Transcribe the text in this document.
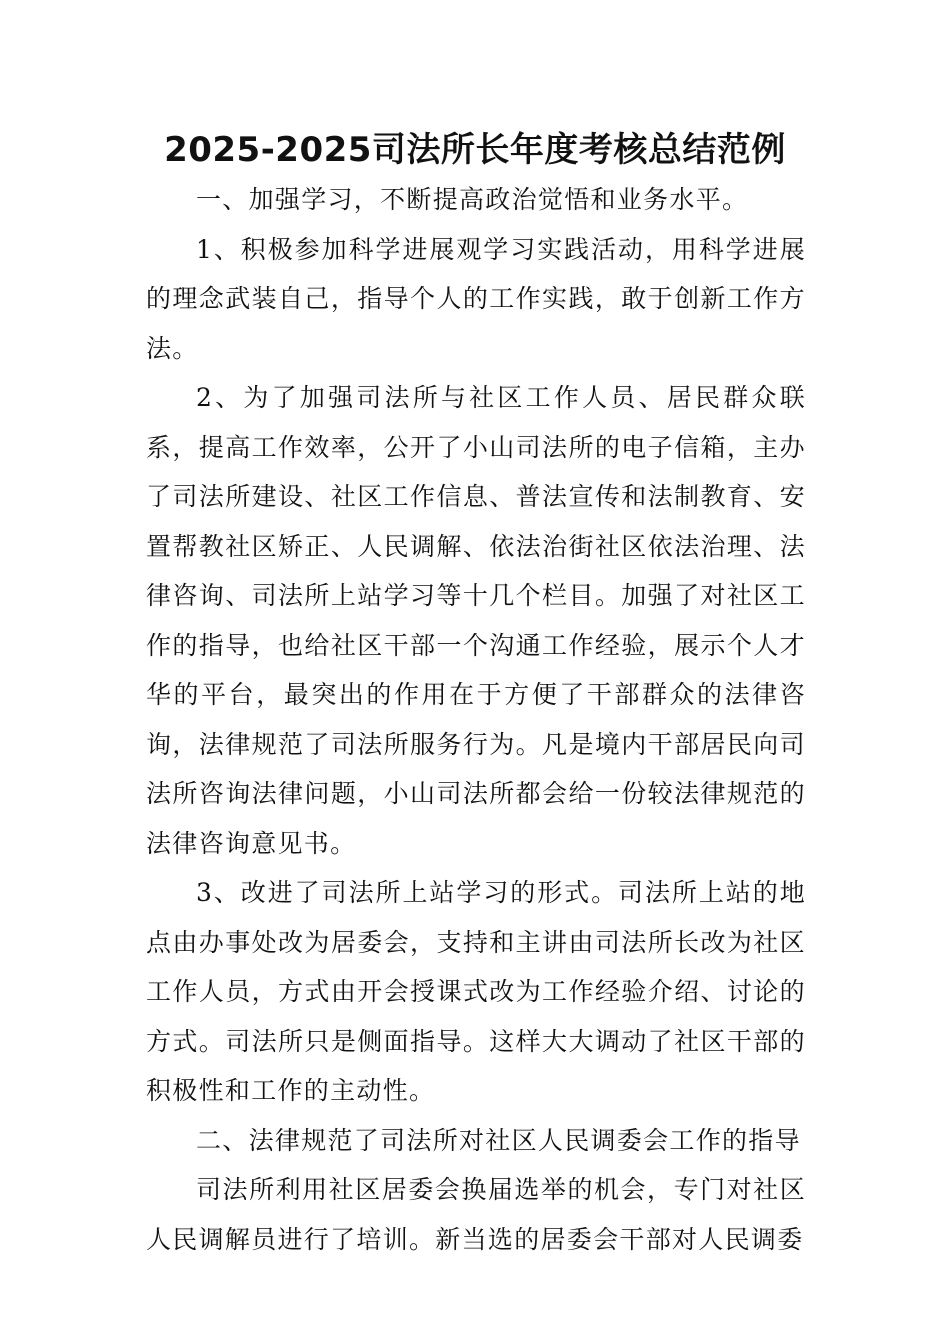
2025-2025司法所长年度考核总结范例

一、加强学习，不断提高政治觉悟和业务水平。

1、积极参加科学进展观学习实践活动，用科学进展的理念武装自己，指导个人的工作实践，敢于创新工作方法。

2、为了加强司法所与社区工作人员、居民群众联系，提高工作效率，公开了小山司法所的电子信箱，主办了司法所建设、社区工作信息、普法宣传和法制教育、安置帮教社区矫正、人民调解、依法治街社区依法治理、法律咨询、司法所上站学习等十几个栏目。加强了对社区工作的指导，也给社区干部一个沟通工作经验，展示个人才华的平台，最突出的作用在于方便了干部群众的法律咨询，法律规范了司法所服务行为。凡是境内干部居民向司法所咨询法律问题，小山司法所都会给一份较法律规范的法律咨询意见书。

3、改进了司法所上站学习的形式。司法所上站的地点由办事处改为居委会，支持和主讲由司法所长改为社区工作人员，方式由开会授课式改为工作经验介绍、讨论的方式。司法所只是侧面指导。这样大大调动了社区干部的积极性和工作的主动性。

二、法律规范了司法所对社区人民调委会工作的指导

司法所利用社区居委会换届选举的机会，专门对社区人民调解员进行了培训。新当选的居委会干部对人民调委
